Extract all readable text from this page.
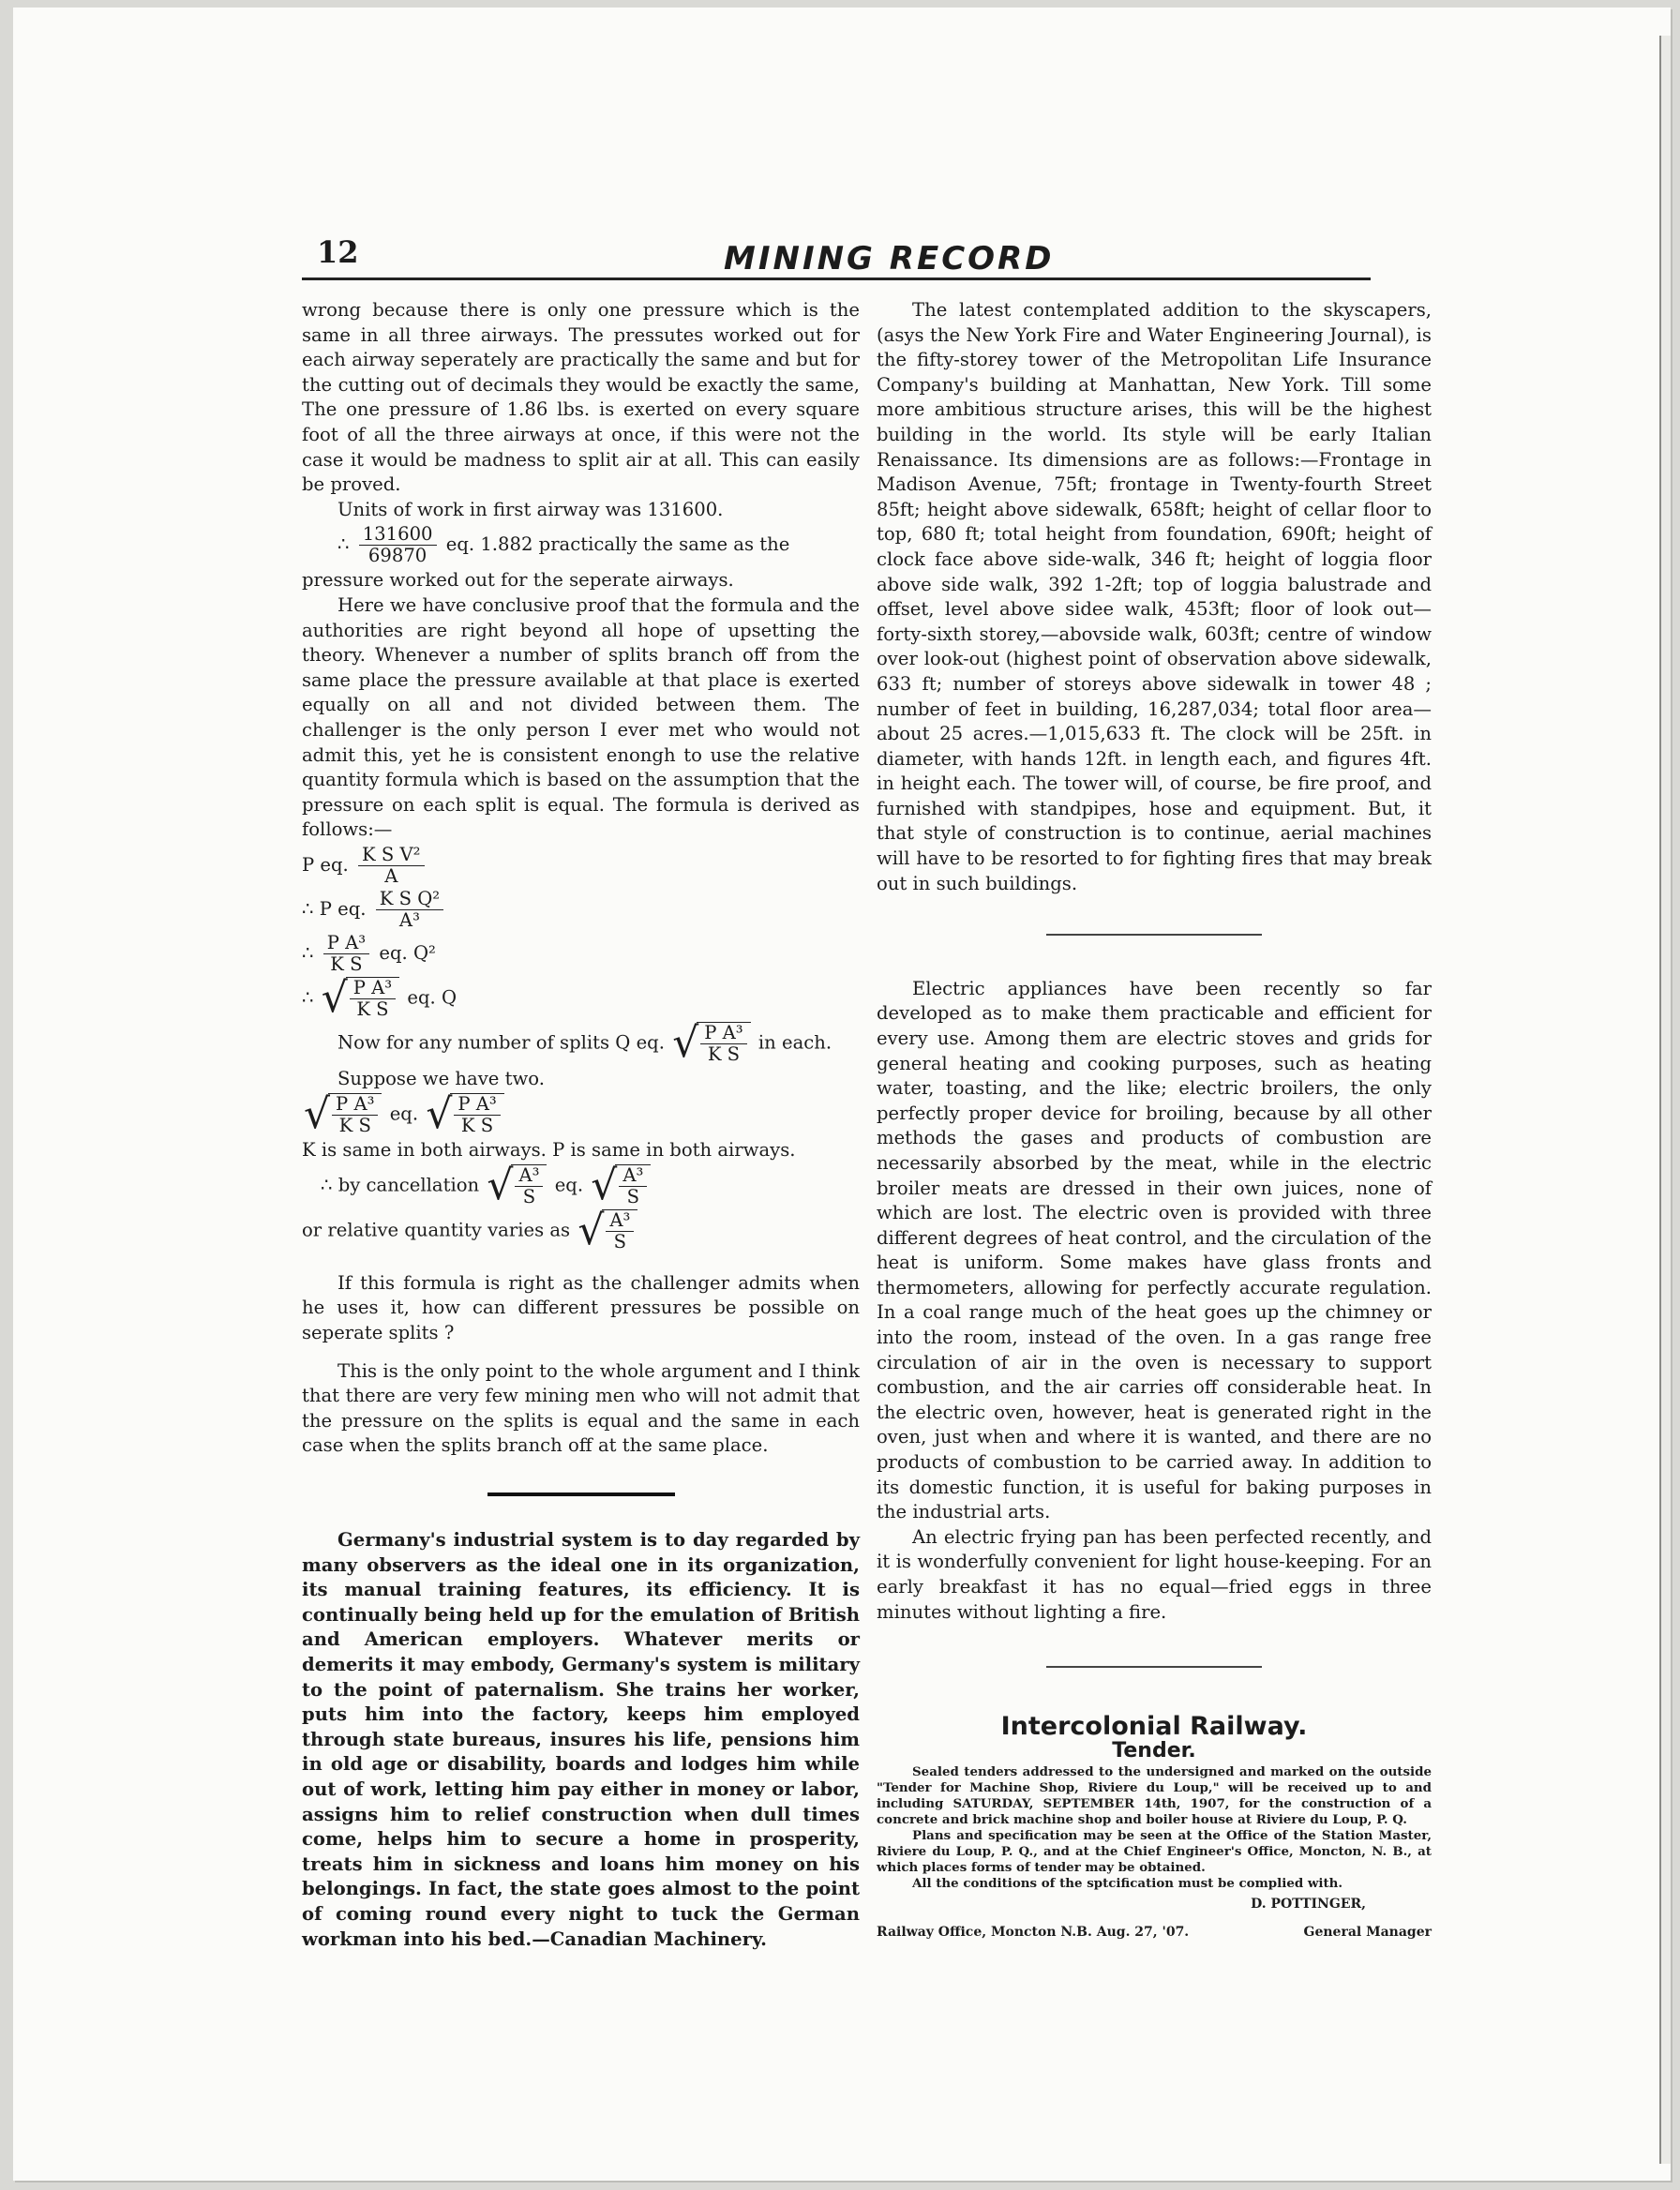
12	MINING RECORD

wrong because there is only one pressure which is the same in all three airways. The pressutes worked out for each airway seperately are practically the same and but for the cutting out of decimals they would be exactly the same, The one pressure of 1.86 lbs. is exerted on every square foot of all the three airways at once, if this were not the case it would be madness to split air at all. This can easily be proved.

Units of work in first airway was 131600.

∴ $\frac{131600}{69870}$ eq. 1.882 practically the same as the

pressure worked out for the seperate airways.

Here we have conclusive proof that the formula and the authorities are right beyond all hope of upsetting the theory. Whenever a number of splits branch off from the same place the pressure available at that place is exerted equally on all and not divided between them. The challenger is the only person I ever met who would not admit this, yet he is consistent enongh to use the relative quantity formula which is based on the assumption that the pressure on each split is equal. The formula is derived as follows:—

P eq. $\frac{\text{K S V²}}{A}$
∴ P eq. $\frac{\text{K S Q²}}{\text{A³}}$
∴ $\frac{\text{P A³}}{\text{K S}}$ eq. Q²
∴ √ $\frac{\text{P A³}}{\text{K S}}$ eq. Q
Now for any number of splits Q eq. √ $\frac{\text{P A³}}{\text{K S}}$ in each.
Suppose we have two.
√ $\frac{\text{P A³}}{\text{K S}}$ eq. √ $\frac{\text{P A³}}{\text{K S}}$
K is same in both airways. P is same in both airways.
∴ by cancellation √ $\frac{\text{A³}}{S}$ eq. √ $\frac{\text{A³}}{S}$
or relative quantity varies as √ $\frac{\text{A³}}{S}$

If this formula is right as the challenger admits when he uses it, how can different pressures be possible on seperate splits ?

This is the only point to the whole argument and I think that there are very few mining men who will not admit that the pressure on the splits is equal and the same in each case when the splits branch off at the same place.

Germany's industrial system is to day regarded by many observers as the ideal one in its organization, its manual training features, its efficiency. It is continually being held up for the emulation of British and American employers. Whatever merits or demerits it may embody, Germany's system is military to the point of paternalism. She trains her worker, puts him into the factory, keeps him employed through state bureaus, insures his life, pensions him in old age or disability, boards and lodges him while out of work, letting him pay either in money or labor, assigns him to relief construction when dull times come, helps him to secure a home in prosperity, treats him in sickness and loans him money on his belongings. In fact, the state goes almost to the point of coming round every night to tuck the German workman into his bed.—Canadian Machinery.

The latest contemplated addition to the skyscapers, (asys the New York Fire and Water Engineering Journal), is the fifty-storey tower of the Metropolitan Life Insurance Company's building at Manhattan, New York. Till some more ambitious structure arises, this will be the highest building in the world. Its style will be early Italian Renaissance. Its dimensions are as follows:—Frontage in Madison Avenue, 75ft; frontage in Twenty-fourth Street 85ft; height above sidewalk, 658ft; height of cellar floor to top, 680 ft; total height from foundation, 690ft; height of clock face above side-walk, 346 ft; height of loggia floor above side walk, 392 1-2ft; top of loggia balustrade and offset, level above sidee walk, 453ft; floor of look out—forty-sixth storey,—abovside walk, 603ft; centre of window over look-out (highest point of observation above sidewalk, 633 ft; number of storeys above sidewalk in tower 48 ; number of feet in building, 16,287,034; total floor area—about 25 acres.—1,015,633 ft. The clock will be 25ft. in diameter, with hands 12ft. in length each, and figures 4ft. in height each. The tower will, of course, be fire proof, and furnished with standpipes, hose and equipment. But, it that style of construction is to continue, aerial machines will have to be resorted to for fighting fires that may break out in such buildings.

Electric appliances have been recently so far developed as to make them practicable and efficient for every use. Among them are electric stoves and grids for general heating and cooking purposes, such as heating water, toasting, and the like; electric broilers, the only perfectly proper device for broiling, because by all other methods the gases and products of combustion are necessarily absorbed by the meat, while in the electric broiler meats are dressed in their own juices, none of which are lost. The electric oven is provided with three different degrees of heat control, and the circulation of the heat is uniform. Some makes have glass fronts and thermometers, allowing for perfectly accurate regulation. In a coal range much of the heat goes up the chimney or into the room, instead of the oven. In a gas range free circulation of air in the oven is necessary to support combustion, and the air carries off considerable heat. In the electric oven, however, heat is generated right in the oven, just when and where it is wanted, and there are no products of combustion to be carried away. In addition to its domestic function, it is useful for baking purposes in the industrial arts.

An electric frying pan has been perfected recently, and it is wonderfully convenient for light house-keeping. For an early breakfast it has no equal—fried eggs in three minutes without lighting a fire.

Intercolonial Railway.

Tender.

Sealed tenders addressed to the undersigned and marked on the outside "Tender for Machine Shop, Riviere du Loup," will be received up to and including SATURDAY, SEPTEMBER 14th, 1907, for the construction of a concrete and brick machine shop and boiler house at Riviere du Loup, P. Q.

Plans and specification may be seen at the Office of the Station Master, Riviere du Loup, P. Q., and at the Chief Engineer's Office, Moncton, N. B., at which places forms of tender may be obtained.

All the conditions of the sptcification must be complied with.

D. POTTINGER,
Railway Office, Moncton N.B. Aug. 27, '07.	General Manager
